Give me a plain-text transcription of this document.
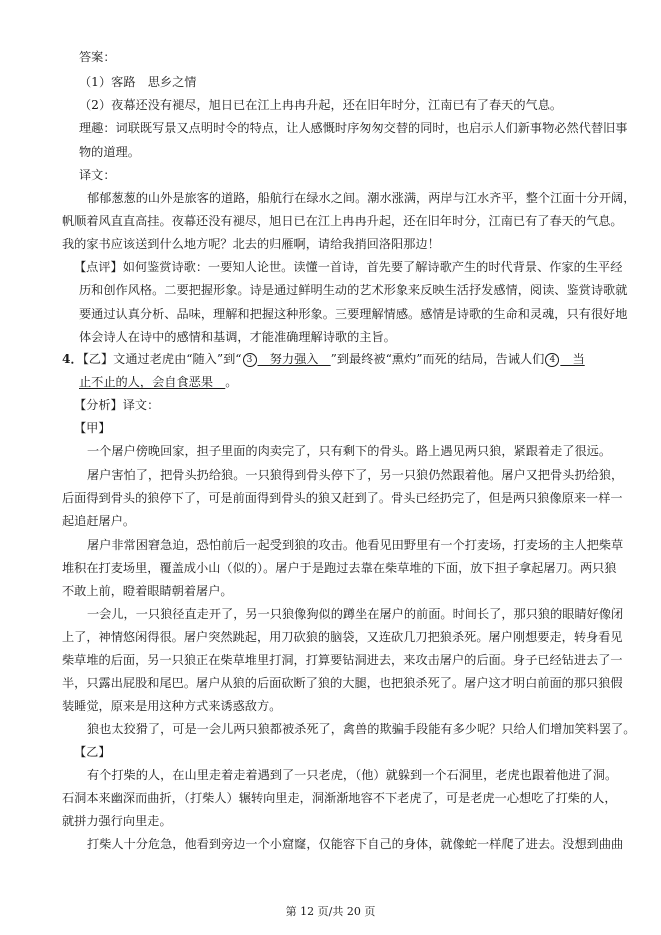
答案：
（1）客路　思乡之情
（2）夜幕还没有褪尽，旭日已在江上冉冉升起，还在旧年时分，江南已有了春天的气息。
理趣：词联既写景又点明时令的特点，让人感慨时序匆匆交替的同时，也启示人们新事物必然代替旧事
物的道理。
译文：
郁郁葱葱的山外是旅客的道路，船航行在绿水之间。潮水涨满，两岸与江水齐平，整个江面十分开阔，
帆顺着风直直高挂。夜幕还没有褪尽，旭日已在江上冉冉升起，还在旧年时分，江南已有了春天的气息。
我的家书应该送到什么地方呢？北去的归雁啊，请给我捎回洛阳那边！
【点评】如何鉴赏诗歌：一要知人论世。读懂一首诗，首先要了解诗歌产生的时代背景、作家的生平经
历和创作风格。二要把握形象。诗是通过鲜明生动的艺术形象来反映生活抒发感情，阅读、鉴赏诗歌就
要通过认真分析、品味，理解和把握这种形象。三要理解情感。感情是诗歌的生命和灵魂，只有很好地
体会诗人在诗中的感情和基调，才能准确理解诗歌的主旨。
4．【乙】文通过老虎由“随入”到“ 3　努力强入　”到最终被“熏灼”而死的结局，告诫人们 4　当
止不止的人，会自食恶果　。
【分析】译文：
【甲】
一个屠户傍晚回家，担子里面的肉卖完了，只有剩下的骨头。路上遇见两只狼，紧跟着走了很远。
屠户害怕了，把骨头扔给狼。一只狼得到骨头停下了，另一只狼仍然跟着他。屠户又把骨头扔给狼，
后面得到骨头的狼停下了，可是前面得到骨头的狼又赶到了。骨头已经扔完了，但是两只狼像原来一样一
起追赶屠户。
屠户非常困窘急迫，恐怕前后一起受到狼的攻击。他看见田野里有一个打麦场，打麦场的主人把柴草
堆积在打麦场里，覆盖成小山（似的）。屠户于是跑过去靠在柴草堆的下面，放下担子拿起屠刀。两只狼
不敢上前，瞪着眼睛朝着屠户。
一会儿，一只狼径直走开了，另一只狼像狗似的蹲坐在屠户的前面。时间长了，那只狼的眼睛好像闭
上了，神情悠闲得很。屠户突然跳起，用刀砍狼的脑袋，又连砍几刀把狼杀死。屠户刚想要走，转身看见
柴草堆的后面，另一只狼正在柴草堆里打洞，打算要钻洞进去，来攻击屠户的后面。身子已经钻进去了一
半，只露出屁股和尾巴。屠户从狼的后面砍断了狼的大腿，也把狼杀死了。屠户这才明白前面的那只狼假
装睡觉，原来是用这种方式来诱惑敌方。
狼也太狡猾了，可是一会儿两只狼都被杀死了，禽兽的欺骗手段能有多少呢？只给人们增加笑料罢了。
【乙】
有个打柴的人，在山里走着走着遇到了一只老虎，（他）就躲到一个石洞里，老虎也跟着他进了洞。
石洞本来幽深而曲折，（打柴人）辗转向里走，洞渐渐地容不下老虎了，可是老虎一心想吃了打柴的人，
就拼力强行向里走。
打柴人十分危急，他看到旁边一个小窟窿，仅能容下自己的身体，就像蛇一样爬了进去。没想到曲曲
第 12 页/共 20 页
